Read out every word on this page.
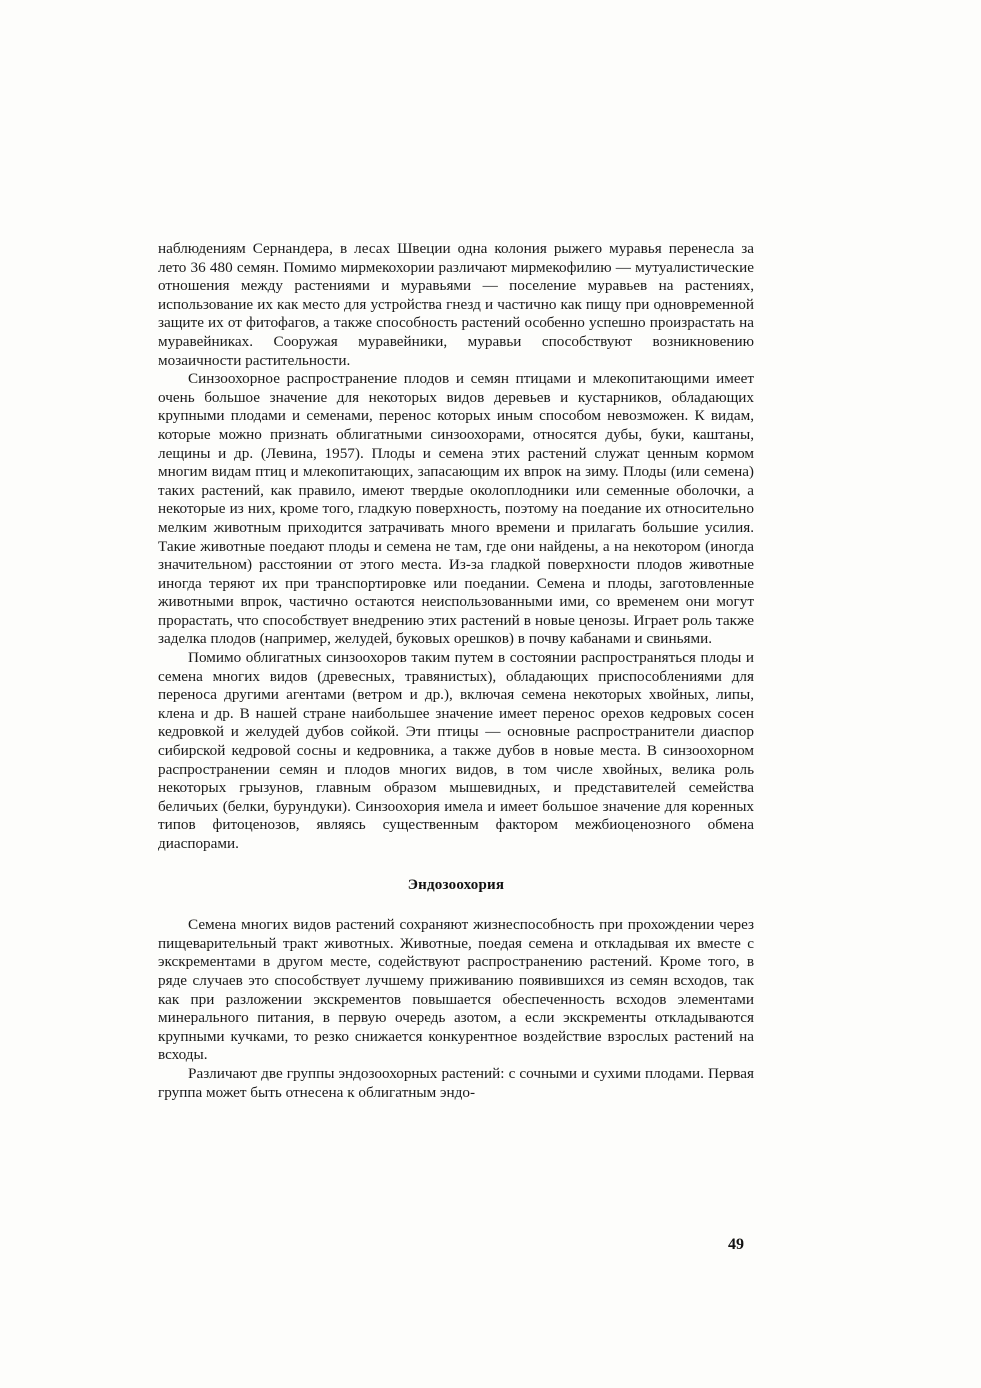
наблюдениям Сернандера, в лесах Швеции одна колония рыжего муравья перенесла за лето 36 480 семян. Помимо мирмекохории различают мирмекофилию — мутуалистические отношения между растениями и муравьями — поселение муравьев на растениях, использование их как место для устройства гнезд и частично как пищу при одновременной защите их от фитофагов, а также способность растений особенно успешно произрастать на муравейниках. Сооружая муравейники, муравьи способствуют возникновению мозаичности растительности.

Синзоохорное распространение плодов и семян птицами и млекопитающими имеет очень большое значение для некоторых видов деревьев и кустарников, обладающих крупными плодами и семенами, перенос которых иным способом невозможен. К видам, которые можно признать облигатными синзоохорами, относятся дубы, буки, каштаны, лещины и др. (Левина, 1957). Плоды и семена этих растений служат ценным кормом многим видам птиц и млекопитающих, запасающим их впрок на зиму. Плоды (или семена) таких растений, как правило, имеют твердые околоплодники или семенные оболочки, а некоторые из них, кроме того, гладкую поверхность, поэтому на поедание их относительно мелким животным приходится затрачивать много времени и прилагать большие усилия. Такие животные поедают плоды и семена не там, где они найдены, а на некотором (иногда значительном) расстоянии от этого места. Из-за гладкой поверхности плодов животные иногда теряют их при транспортировке или поедании. Семена и плоды, заготовленные животными впрок, частично остаются неиспользованными ими, со временем они могут прорастать, что способствует внедрению этих растений в новые ценозы. Играет роль также заделка плодов (например, желудей, буковых орешков) в почву кабанами и свиньями.

Помимо облигатных синзоохоров таким путем в состоянии распространяться плоды и семена многих видов (древесных, травянистых), обладающих приспособлениями для переноса другими агентами (ветром и др.), включая семена некоторых хвойных, липы, клена и др. В нашей стране наибольшее значение имеет перенос орехов кедровых сосен кедровкой и желудей дубов сойкой. Эти птицы — основные распространители диаспор сибирской кедровой сосны и кедровника, а также дубов в новые места. В синзоохорном распространении семян и плодов многих видов, в том числе хвойных, велика роль некоторых грызунов, главным образом мышевидных, и представителей семейства беличьих (белки, бурундуки). Синзоохория имела и имеет большое значение для коренных типов фитоценозов, являясь существенным фактором межбиоценозного обмена диаспорами.

Эндозоохория

Семена многих видов растений сохраняют жизнеспособность при прохождении через пищеварительный тракт животных. Животные, поедая семена и откладывая их вместе с экскрементами в другом месте, содействуют распространению растений. Кроме того, в ряде случаев это способствует лучшему приживанию появившихся из семян всходов, так как при разложении экскрементов повышается обеспеченность всходов элементами минерального питания, в первую очередь азотом, а если экскременты откладываются крупными кучками, то резко снижается конкурентное воздействие взрослых растений на всходы.

Различают две группы эндозоохорных растений: с сочными и сухими плодами. Первая группа может быть отнесена к облигатным эндо-

49
